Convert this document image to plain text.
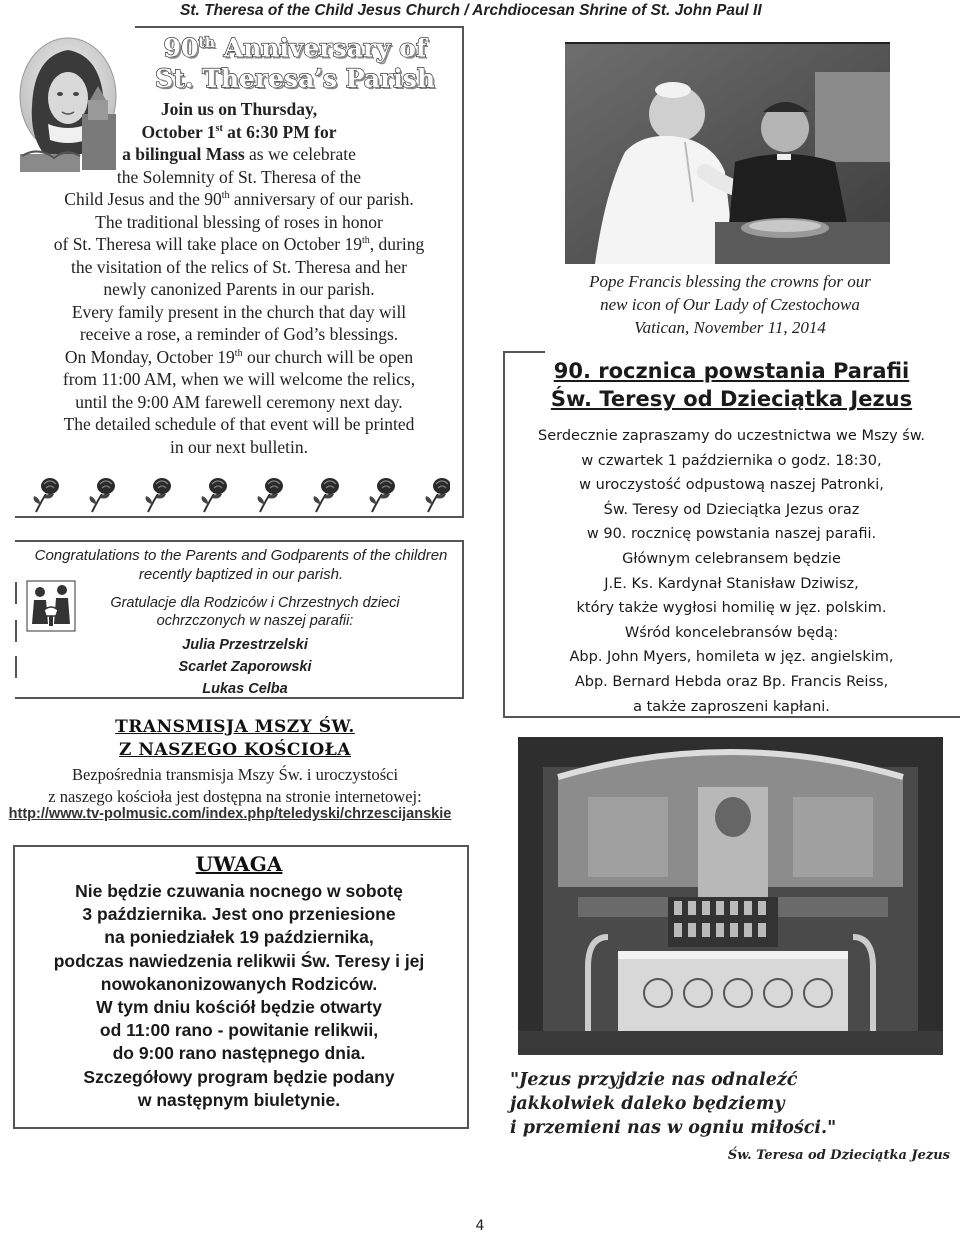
St. Theresa of the Child Jesus Church / Archdiocesan Shrine of St. John Paul II
90th Anniversary of
St. Theresa’s Parish
Join us on Thursday,
October 1st at 6:30 PM for
a bilingual Mass as we celebrate
the Solemnity of St. Theresa of the
Child Jesus and the 90th anniversary of our parish.
The traditional blessing of roses in honor
of St. Theresa will take place on October 19th, during
the visitation of the relics of St. Theresa and her
newly canonized Parents in our parish.
Every family present in the church that day will
receive a rose, a reminder of God’s blessings.
On Monday, October 19th our church will be open
from 11:00 AM, when we will welcome the relics,
until the 9:00 AM farewell ceremony next day.
The detailed schedule of that event will be printed
in our next bulletin.
Congratulations to the Parents and Godparents of the children
recently baptized in our parish.
Gratulacje dla Rodziców i Chrzestnych dzieci
ochrzczonych w naszej parafii:
Julia Przestrzelski
Scarlet Zaporowski
Lukas Celba
TRANSMISJA MSZY ŚW.
Z NASZEGO KOŚCIOŁA
Bezpośrednia transmisja Mszy Św. i uroczystości
z naszego kościoła jest dostępna na stronie internetowej:
http://www.tv-polmusic.com/index.php/teledyski/chrzescijanskie
UWAGA
Nie będzie czuwania nocnego w sobotę
3 października. Jest ono przeniesione
na poniedziałek 19 października,
podczas nawiedzenia relikwii Św. Teresy i jej
nowokanonizowanych Rodziców.
W tym dniu kościół będzie otwarty
od 11:00 rano - powitanie relikwii,
do 9:00 rano następnego dnia.
Szczegółowy program będzie podany
w następnym biuletynie.
Pope Francis blessing the crowns for our
new icon of Our Lady of Czestochowa
Vatican, November 11, 2014
90. rocznica powstania Parafii
Św. Teresy od Dzieciątka Jezus
Serdecznie zapraszamy do uczestnictwa we Mszy św.
w czwartek 1 października o godz. 18:30,
w uroczystość odpustową naszej Patronki,
Św. Teresy od Dzieciątka Jezus oraz
w 90. rocznicę powstania naszej parafii.
Głównym celebransem będzie
J.E. Ks. Kardynał Stanisław Dziwisz,
który także wygłosi homilię w jęz. polskim.
Wśród koncelebransów będą:
Abp. John Myers, homileta w jęz. angielskim,
Abp. Bernard Hebda oraz Bp. Francis Reiss,
a także zaproszeni kapłani.
"Jezus przyjdzie nas odnaleźć
jakkolwiek daleko będziemy
i przemieni nas w ogniu miłości."
Św. Teresa od Dzieciątka Jezus
4
